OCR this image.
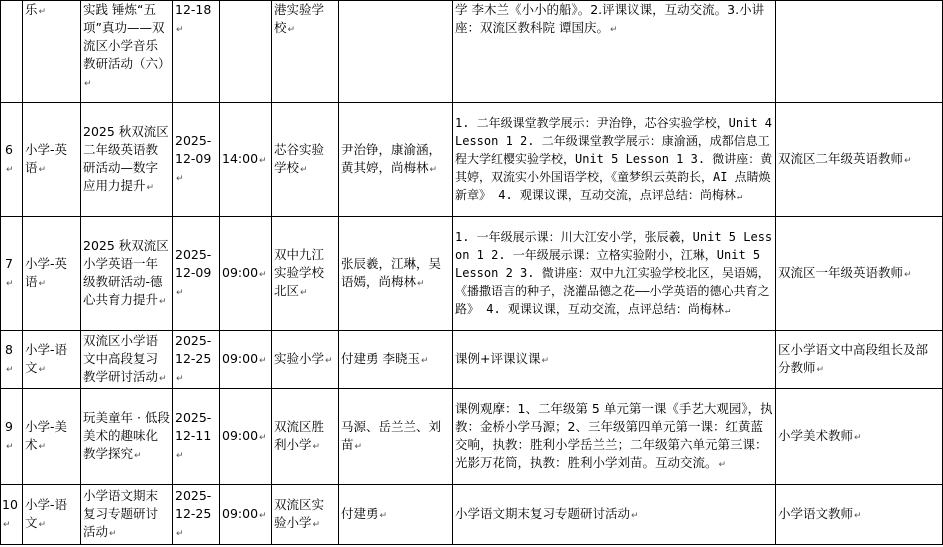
	乐↵	实践 锤炼“五项”真功——双流区小学音乐教研活动（六）↵	12-18↵		港实验学校↵		学 李木兰《小小的船》。2.评课议课，互动交流。3.小讲座：双流区教科院 谭国庆。↵	
6↵	小学-英语↵	2025 秋双流区二年级英语教研活动—数字应用力提升↵	2025-12-09↵	14:00↵	芯谷实验学校↵	尹治铮，康渝涵，黄其婷，尚梅林↵	1. 二年级课堂教学展示：尹治铮，芯谷实验学校，Unit 4 Lesson 1 2. 二年级课堂教学展示：康渝涵，成都信息工程大学红樱实验学校，Unit 5 Lesson 1 3. 微讲座：黄其婷，双流实小外国语学校，《童梦织云英韵长，AI 点睛焕新章》 4. 观课议课，互动交流，点评总结：尚梅林↵	双流区二年级英语教师↵
7↵	小学-英语↵	2025 秋双流区小学英语一年级教研活动-德心共育力提升↵	2025-12-09↵	09:00↵	双中九江实验学校北区↵	张辰羲，江琳，吴语嫣，尚梅林↵	1. 一年级展示课：川大江安小学，张辰羲，Unit 5 Lesson 1 2. 一年级展示课：立格实验附小，江琳，Unit 5 Lesson 2 3. 微讲座：双中九江实验学校北区，吴语嫣，《播撒语言的种子，浇灌品德之花——小学英语的德心共育之路》 4. 观课议课，互动交流，点评总结：尚梅林↵	双流区一年级英语教师↵
8↵	小学-语文↵	双流区小学语文中高段复习教学研讨活动↵	2025-12-25↵	09:00↵	实验小学↵	付建勇 李晓玉↵	课例+评课议课↵	区小学语文中高段组长及部分教师↵
9↵	小学-美术↵	玩美童年 · 低段美术的趣味化教学探究↵	2025-12-11↵	09:00↵	双流区胜利小学↵	马源、岳兰兰、刘苗↵	课例观摩：1、二年级第 5 单元第一课《手艺大观园》，执教：金桥小学马源；2、三年级第四单元第一课：红黄蓝交响，执教：胜利小学岳兰兰；二年级第六单元第三课：光影万花筒，执教：胜利小学刘苗。互动交流。↵	小学美术教师↵
10↵	小学-语文↵	小学语文期末复习专题研讨活动↵	2025-12-25↵	09:00↵	双流区实验小学↵	付建勇↵	小学语文期末复习专题研讨活动↵	小学语文教师↵
